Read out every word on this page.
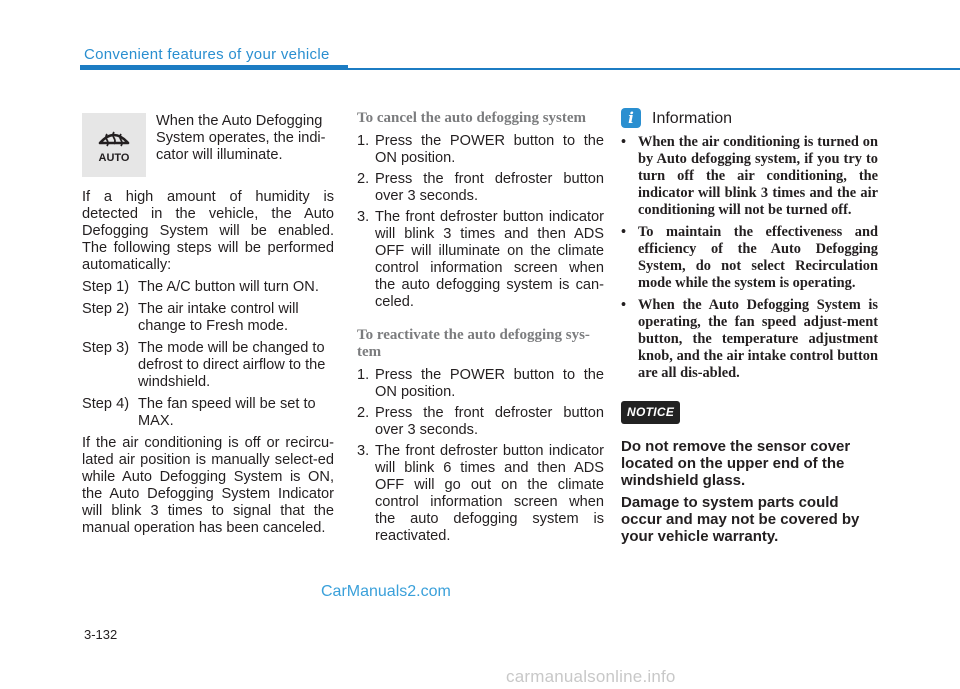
Convenient features of your vehicle
AUTO

When the Auto Defogging System operates, the indi-cator will illuminate.

If a high amount of humidity is detected in the vehicle, the Auto Defogging System will be enabled. The following steps will be performed automatically:

Step 1) The A/C button will turn ON.
Step 2) The air intake control will change to Fresh mode.
Step 3) The mode will be changed to defrost to direct airflow to the windshield.
Step 4) The fan speed will be set to MAX.

If the air conditioning is off or recircu-lated air position is manually select-ed while Auto Defogging System is ON, the Auto Defogging System Indicator will blink 3 times to signal that the manual operation has been canceled.

To cancel the auto defogging system
1. Press the POWER button to the ON position.
2. Press the front defroster button over 3 seconds.
3. The front defroster button indicator will blink 3 times and then ADS OFF will illuminate on the climate control information screen when the auto defogging system is can-celed.
To reactivate the auto defogging sys-tem
1. Press the POWER button to the ON position.
2. Press the front defroster button over 3 seconds.
3. The front defroster button indicator will blink 6 times and then ADS OFF will go out on the climate control information screen when the auto defogging system is reactivated.
i	Information
• When the air conditioning is turned on by Auto defogging system, if you try to turn off the air conditioning, the indicator will blink 3 times and the air conditioning will not be turned off.
• To maintain the effectiveness and efficiency of the Auto Defogging System, do not select Recirculation mode while the system is operating.
• When the Auto Defogging System is operating, the fan speed adjust-ment button, the temperature adjustment knob, and the air intake control button are all dis-abled.
NOTICE

Do not remove the sensor cover located on the upper end of the windshield glass.

Damage to system parts could occur and may not be covered by your vehicle warranty.

CarManuals2.com
3-132
carmanualsonline.info
